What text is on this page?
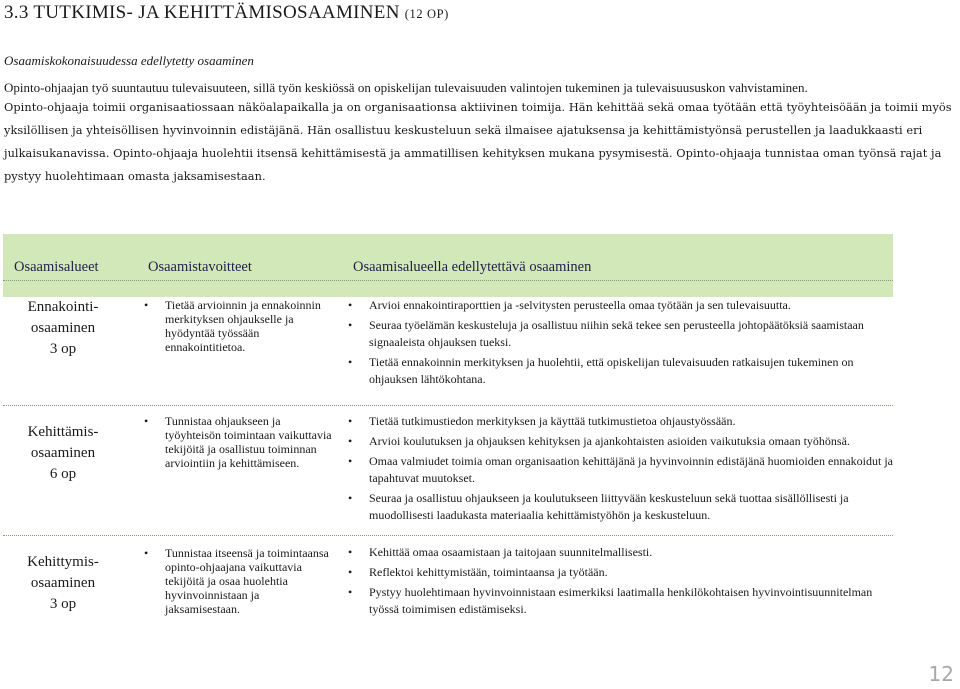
3.3 TUTKIMIS- JA KEHITTÄMISOSAAMINEN (12 OP)
Osaamiskokonaisuudessa edellytetty osaaminen
Opinto-ohjaajan työ suuntautuu tulevaisuuteen, sillä työn keskiössä on opiskelijan tulevaisuuden valintojen tukeminen ja tulevaisuususkon vahvistaminen.
Opinto-ohjaaja toimii organisaatiossaan näköalapaikalla ja on organisaationsa aktiivinen toimija. Hän kehittää sekä omaa työtään että työyhteisöään ja toimii myös yksilöllisen ja yhteisöllisen hyvinvoinnin edistäjänä. Hän osallistuu keskusteluun sekä ilmaisee ajatuksensa ja kehittämistyönsä perustellen ja laadukkaasti eri julkaisukanavissa. Opinto-ohjaaja huolehtii itsensä kehittämisestä ja ammatillisen kehityksen mukana pysymisestä. Opinto-ohjaaja tunnistaa oman työnsä rajat ja pystyy huolehtimaan omasta jaksamisestaan.
Osaamisalueet	Osaamistavoitteet	Osaamisalueella edellytettävä osaaminen
Ennakointi-
osaaminen
3 op
• Tietää arvioinnin ja ennakoinnin merkityksen ohjaukselle ja hyödyntää työssään ennakointitietoa.
• Arvioi ennakointiraporttien ja -selvitysten perusteella omaa työtään ja sen tulevaisuutta.
• Seuraa työelämän keskusteluja ja osallistuu niihin sekä tekee sen perusteella johtopäätöksiä saamistaan signaaleista ohjauksen tueksi.
• Tietää ennakoinnin merkityksen ja huolehtii, että opiskelijan tulevaisuuden ratkaisujen tukeminen on ohjauksen lähtökohtana.
Kehittämis-
osaaminen
6 op
• Tunnistaa ohjaukseen ja työyhteisön toimintaan vaikuttavia tekijöitä ja osallistuu toiminnan arviointiin ja kehittämiseen.
• Tietää tutkimustiedon merkityksen ja käyttää tutkimustietoa ohjaustyössään.
• Arvioi koulutuksen ja ohjauksen kehityksen ja ajankohtaisten asioiden vaikutuksia omaan työhönsä.
• Omaa valmiudet toimia oman organisaation kehittäjänä ja hyvinvoinnin edistäjänä huomioiden ennakoidut ja tapahtuvat muutokset.
• Seuraa ja osallistuu ohjaukseen ja koulutukseen liittyvään keskusteluun sekä tuottaa sisällöllisesti ja muodollisesti laadukasta materiaalia kehittämistyöhön ja keskusteluun.
Kehittymis-
osaaminen
3 op
• Tunnistaa itseensä ja toimintaansa opinto-ohjaajana vaikuttavia tekijöitä ja osaa huolehtia hyvinvoinnistaan ja jaksamisestaan.
• Kehittää omaa osaamistaan ja taitojaan suunnitelmallisesti.
• Reflektoi kehittymistään, toimintaansa ja työtään.
• Pystyy huolehtimaan hyvinvoinnistaan esimerkiksi laatimalla henkilökohtaisen hyvinvointisuunnitelman työssä toimimisen edistämiseksi.
12
